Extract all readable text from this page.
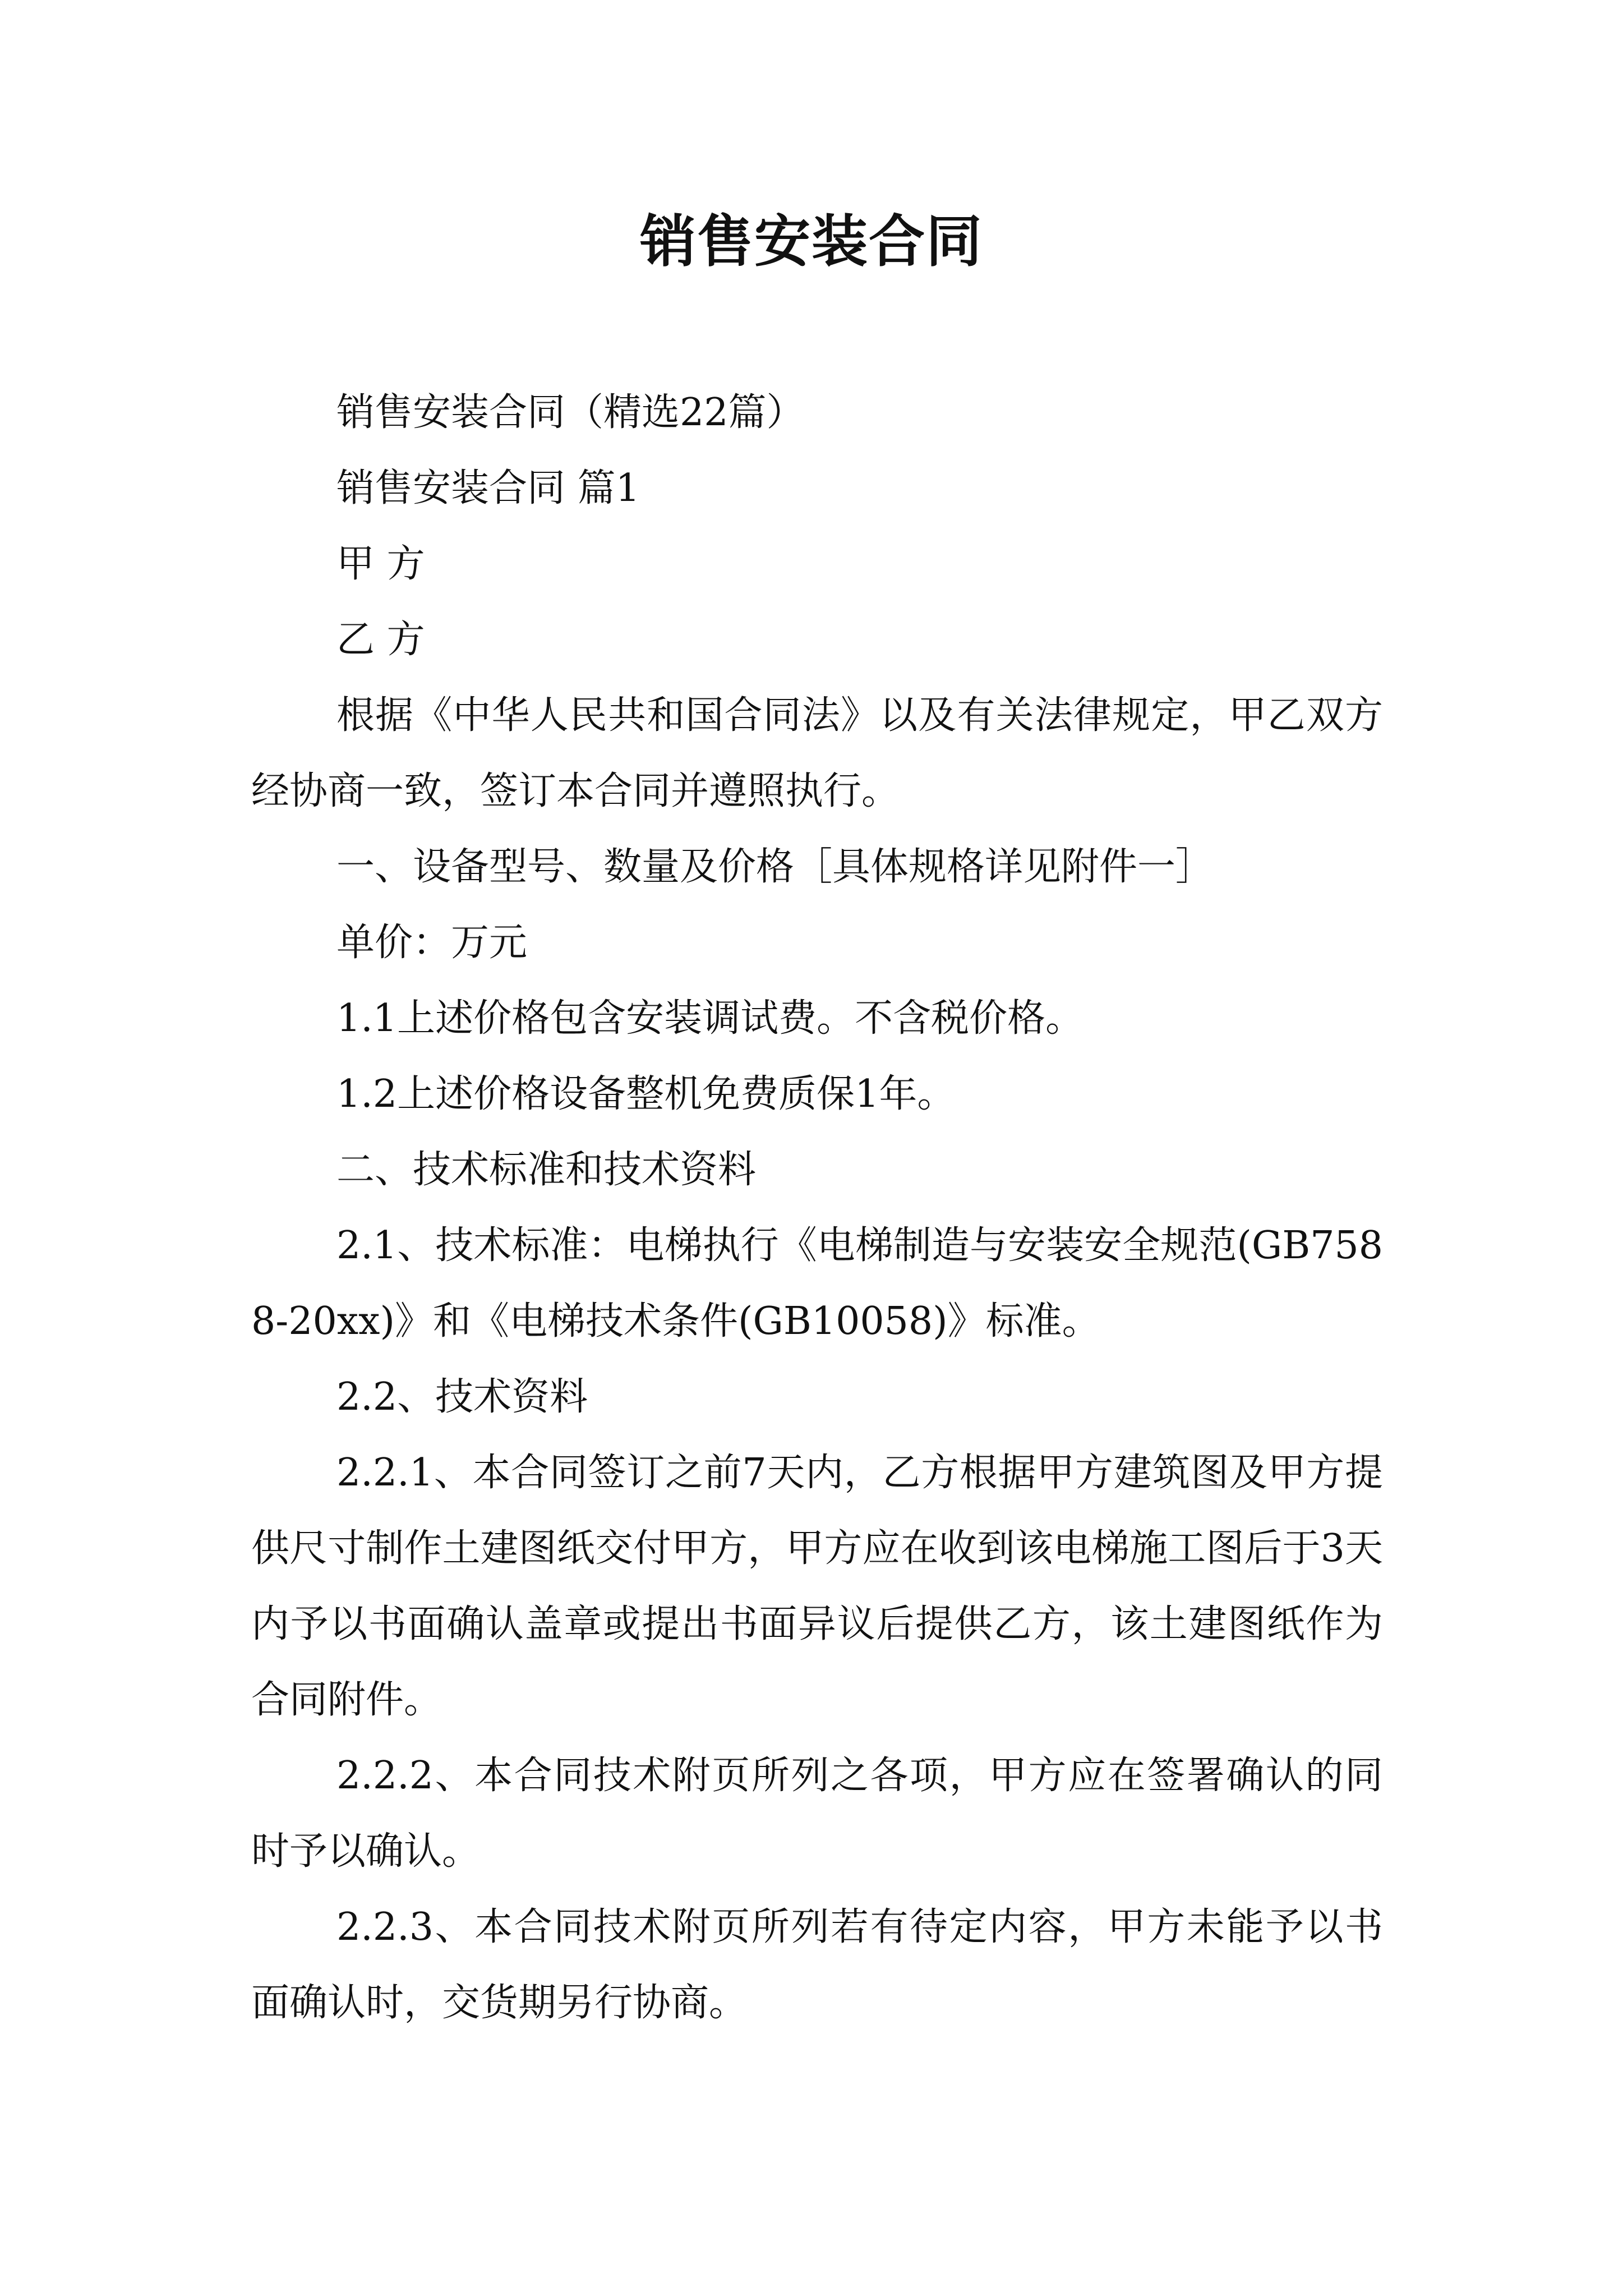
销售安装合同

销售安装合同（精选22篇）

销售安装合同 篇1

甲 方

乙 方

根据《中华人民共和国合同法》以及有关法律规定，甲乙双方经协商一致，签订本合同并遵照执行。

一、设备型号、数量及价格［具体规格详见附件一］

单价：万元

1.1上述价格包含安装调试费。不含税价格。

1.2上述价格设备整机免费质保1年。

二、技术标准和技术资料

2.1、技术标准：电梯执行《电梯制造与安装安全规范(GB7588-20xx)》和《电梯技术条件(GB10058)》标准。

2.2、技术资料

2.2.1、本合同签订之前7天内，乙方根据甲方建筑图及甲方提供尺寸制作土建图纸交付甲方，甲方应在收到该电梯施工图后于3天内予以书面确认盖章或提出书面异议后提供乙方，该土建图纸作为合同附件。

2.2.2、本合同技术附页所列之各项，甲方应在签署确认的同时予以确认。

2.2.3、本合同技术附页所列若有待定内容，甲方未能予以书面确认时，交货期另行协商。
